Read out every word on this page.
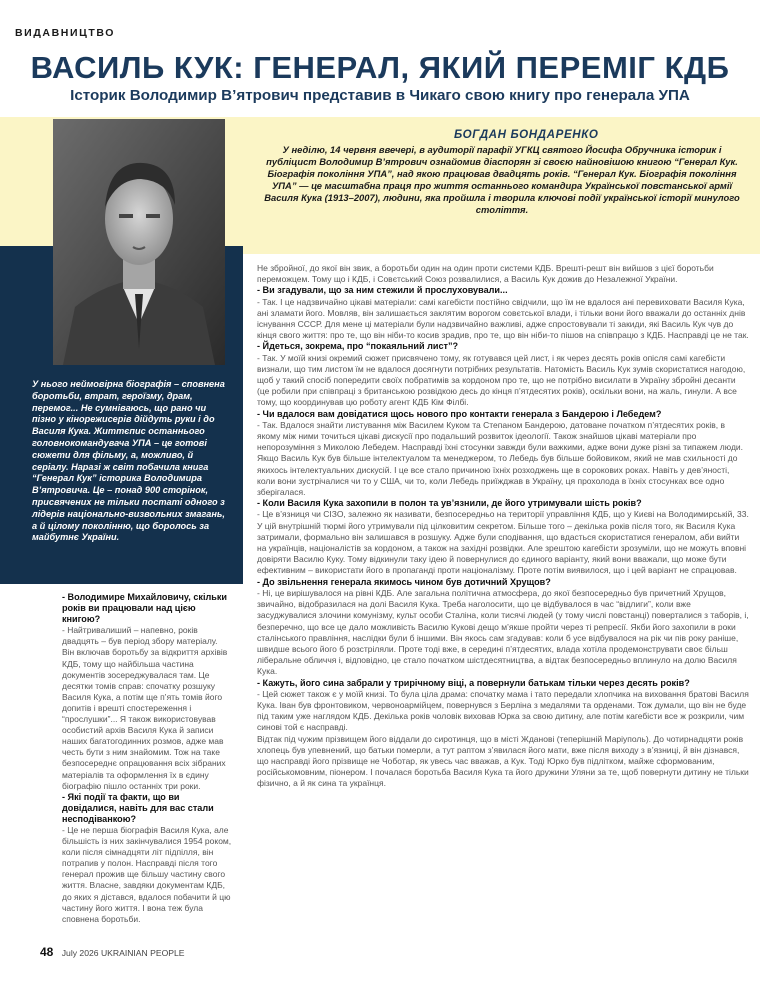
ВИДАВНИЦТВО
ВАСИЛЬ КУК: ГЕНЕРАЛ, ЯКИЙ ПЕРЕМІГ КДБ
Історик Володимир В’ятрович представив в Чикаго свою книгу про генерала УПА
БОГДАН БОНДАРЕНКО
У неділю, 14 червня ввечері, в аудиторії парафії УГКЦ святого Йосифа Обручника історик і публіцист Володимир В’ятрович ознайомив діаспорян зі своєю найновішою книгою “Генерал Кук. Біографія покоління УПА”, над якою працював двадцять років. “Генерал Кук. Біографія покоління УПА” — це масштабна праця про життя останнього командира Української повстанської армії Василя Кука (1913–2007), людини, яка пройшла і творила ключові події української історії минулого століття.
У нього неймовірна біографія – сповнена боротьби, втрат, героїзму, драм, перемог... Не сумніваюсь, що рано чи пізно у кінорежисерів дійдуть руки і до Василя Кука. Життєпис останнього головнокомандувача УПА – це готові сюжети для фільму, а, можливо, й серіалу. Наразі ж світ побачила книга “Генерал Кук” історика Володимира В’ятровича. Це – понад 900 сторінок, присвячених не тільки постаті одного з лідерів національно-визвольних змагань, а й цілому поколінню, що боролось за майбутнє України.

- Володимире Михайловичу, скільки років ви працювали над цією книгою?

- Найтривалиший – напевно, років двадцять – був період збору матеріалу. Він включав боротьбу за відкриття архівів КДБ, тому що найбільша частина документів зосереджувалася там. Це десятки томів справ: спочатку розшуку Василя Кука, а потім ще п’ять томів його допитів і врешті спостереження і “прослушки”... Я також використовував особистий архів Василя Кука й записи наших багатогодинних розмов, адже мав честь бути з ним знайомим. Тож на таке безпосереднє опрацювання всіх зібраних матеріалів та оформлення їх в єдину біографію пішло останніх три роки.

- Які події та факти, що ви довідалися, навіть для вас стали несподіванкою?

- Це не перша біографія Василя Кука, але більшість із них закінчувалися 1954 роком, коли після сімнадцяти літ підпілля, він потрапив у полон. Насправді після того генерал прожив ще більшу частину свого життя. Власне, завдяки документам КДБ, до яких я дістався, вдалося побачити й цю частину його життя. І вона теж була сповнена боротьби.

Не збройної, до якої він звик, а боротьби один на один проти системи КДБ. Врешті-решт він вийшов з цієї боротьби переможцем. Тому що і КДБ, і Совєтський Союз розвалилися, а Василь Кук дожив до Незалежної України.

- Ви згадували, що за ним стежили й прослуховували...

- Так. І це надзвичайно цікаві матеріали: самі кагебісти постійно свідчили, що їм не вдалося ані перевиховати Василя Кука, ані зламати його. Мовляв, він залишається заклятим ворогом совєтської влади, і тільки вони його вважали до останніх днів існування СССР. Для мене ці матеріали були надзвичайно важливі, адже спростовували ті закиди, які Василь Кук чув до кінця свого життя: про те, що він ніби-то косив зрадив, про те, що він ніби-то пішов на співпрацю з КДБ. Насправді це не так.

- Йдеться, зокрема, про “покаяльний лист”?

- Так. У моїй книзі окремий сюжет присвячено тому, як готувався цей лист, і як через десять років опісля самі кагебісти визнали, що тим листом їм не вдалося досягнути потрібних результатів. Натомість Василь Кук зумів скористатися нагодою, щоб у такий спосіб попередити своїх побратимів за кордоном про те, що не потрібно висилати в Україну збройні десанти (це робили при співпраці з британською розвідкою десь до кінця п’ятдесятих років), оскільки вони, на жаль, гинули. А все тому, що координував цю роботу агент КДБ Кім Філбі.

- Чи вдалося вам довідатися щось нового про контакти генерала з Бандерою і Лебедем?

- Так. Вдалося знайти листування між Василем Куком та Степаном Бандерою, датоване початком п’ятдесятих років, в якому між ними точиться цікаві дискусії про подальший розвиток ідеології. Також знайшов цікаві матеріали про непорозуміння з Миколою Лебедем. Насправді їхні стосунки завжди були важкими, адже вони дуже різні за типажем люди. Якщо Василь Кук був більше інтелектуалом та менеджером, то Лебедь був більше бойовиком, який не мав схильності до якихось інтелектуальних дискусій. І це все стало причиною їхніх розходжень ще в сорокових роках. Навіть у дев’яності, коли вони зустрічалися чи то у США, чи то, коли Лебедь приїжджав в Україну, ця прохолода в їхніх стосунках все одно зберігалася.

- Коли Василя Кука захопили в полон та ув’язнили, де його утримували шість років?

- Це в’язниця чи СІЗО, залежно як називати, безпосередньо на території управління КДБ, що у Києві на Володимирській, 33. У цій внутрішній тюрмі його утримували під цілковитим секретом. Більше того – декілька років після того, як Василя Кука затримали, формально він залишався в розшуку. Адже були сподівання, що вдасться скористатися генералом, аби вийти на українців, націоналістів за кордоном, а також на західні розвідки. Але зрештою кагебісти зрозуміли, що не можуть вповні довіряти Василю Куку. Тому відкинули таку ідею й повернулися до єдиного варіанту, який вони вважали, що може бути ефективним – використати його в пропаганді проти націоналізму. Проте потім виявилося, що і цей варіант не спрацював.

- До звільнення генерала якимось чином був дотичний Хрущов?

- Ні, це вирішувалося на рівні КДБ. Але загальна політична атмосфера, до якої безпосередньо був причетний Хрущов, звичайно, відобразилася на долі Василя Кука. Треба наголосити, що це відбувалося в час “відлиги”, коли вже засуджувалися злочини комунізму, культ особи Сталіна, коли тисячі людей (у тому числі повстанці) поверталися з таборів, і, безперечно, що все це дало можливість Василю Кукові дещо м’якше пройти через ті репресії. Якби його захопили в роки сталінського правління, наслідки були б іншими. Він якось сам згадував: коли б усе відбувалося на рік чи пів року раніше, швидше всього його б розстріляли. Проте тоді вже, в середині п’ятдесятих, влада хотіла продемонструвати своє більш ліберальне обличчя і, відповідно, це стало початком шістдесятництва, а відтак безпосередньо вплинуло на долю Василя Кука.

- Кажуть, його сина забрали у трирічному віці, а повернули батькам тільки через десять років?

- Цей сюжет також є у моїй книзі. То була ціла драма: спочатку мама і тато передали хлопчика на виховання братові Василя Кука. Іван був фронтовиком, червоноармійцем, повернувся з Берліна з медалями та орденами. Тож думали, що він не буде під таким уже наглядом КДБ. Декілька років чоловік виховав Юрка за свою дитину, але потім кагебісти все ж розкрили, чим синові той є насправді.

Відтак під чужим прізвищем його віддали до сиротинця, що в місті Жданові (теперішній Маріуполь). До чотирнадцяти років хлопець був упевнений, що батьки померли, а тут раптом з’явилася його мати, вже після виходу з в’язниці, й він дізнався, що насправді його прізвище не Чоботар, як увесь час вважав, а Кук. Тоді Юрко був підлітком, майже сформованим, російськомовним, піонером. І почалася боротьба Василя Кука та його дружини Уляни за те, щоб повернути дитину не тільки фізично, а й як сина та українця.

48 July 2026 UKRAINIAN PEOPLE
